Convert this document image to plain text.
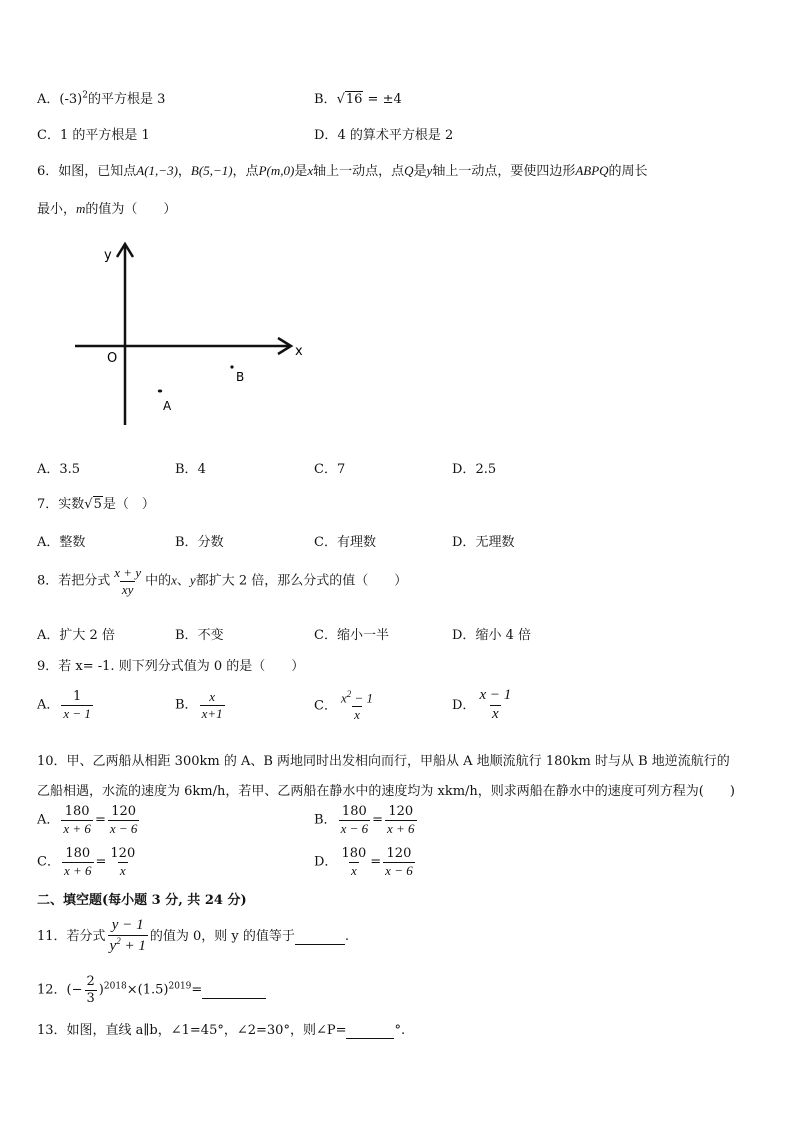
A．$(-3)^2$的平方根是 3	B．√16 = ±4
C．1 的平方根是 1	D．4 的算术平方根是 2
6．如图，已知点A(1,−3)，B(5,−1)，点P(m,0)是x轴上一动点，点Q是y轴上一动点，要使四边形ABPQ的周长
最小，m的值为（　　）
y
x
O
B
A
A．3.5	B．4	C．7	D．2.5
7．实数√5是（　）
A．整数	B．分数	C．有理数	D．无理数
8．若把分式 $\frac{x + y}{xy}$ 中的x、y都扩大 2 倍，那么分式的值（　　）
A．扩大 2 倍	B．不变	C．缩小一半	D．缩小 4 倍
9．若 x= -1. 则下列分式值为 0 的是（　　）
A． $\frac{1}{x - 1}$	B． $\frac{x}{x+1}$	C． $\frac{x^2 - 1}{x}$	D． $\frac{x - 1}{x}$
10．甲、乙两船从相距 300km 的 A、B 两地同时出发相向而行，甲船从 A 地顺流航行 180km 时与从 B 地逆流航行的
乙船相遇，水流的速度为 6km/h，若甲、乙两船在静水中的速度均为 xkm/h，则求两船在静水中的速度可列方程为(　　)
A． $\frac{180}{x + 6} = \frac{120}{x - 6}$	B． $\frac{180}{x - 6} = \frac{120}{x + 6}$
C． $\frac{180}{x + 6} = \frac{120}{x}$	D． $\frac{180}{x} = \frac{120}{x - 6}$
二、填空题(每小题 3 分, 共 24 分)
11．若分式 $\frac{y - 1}{y^2 + 1}$ 的值为 0，则 y 的值等于	.
12．(− $\frac{2}{3} )^{2018}\times(1.5)^{2019}=$
13．如图，直线 a∥b，∠1=45°，∠2=30°，则∠P=	°.
